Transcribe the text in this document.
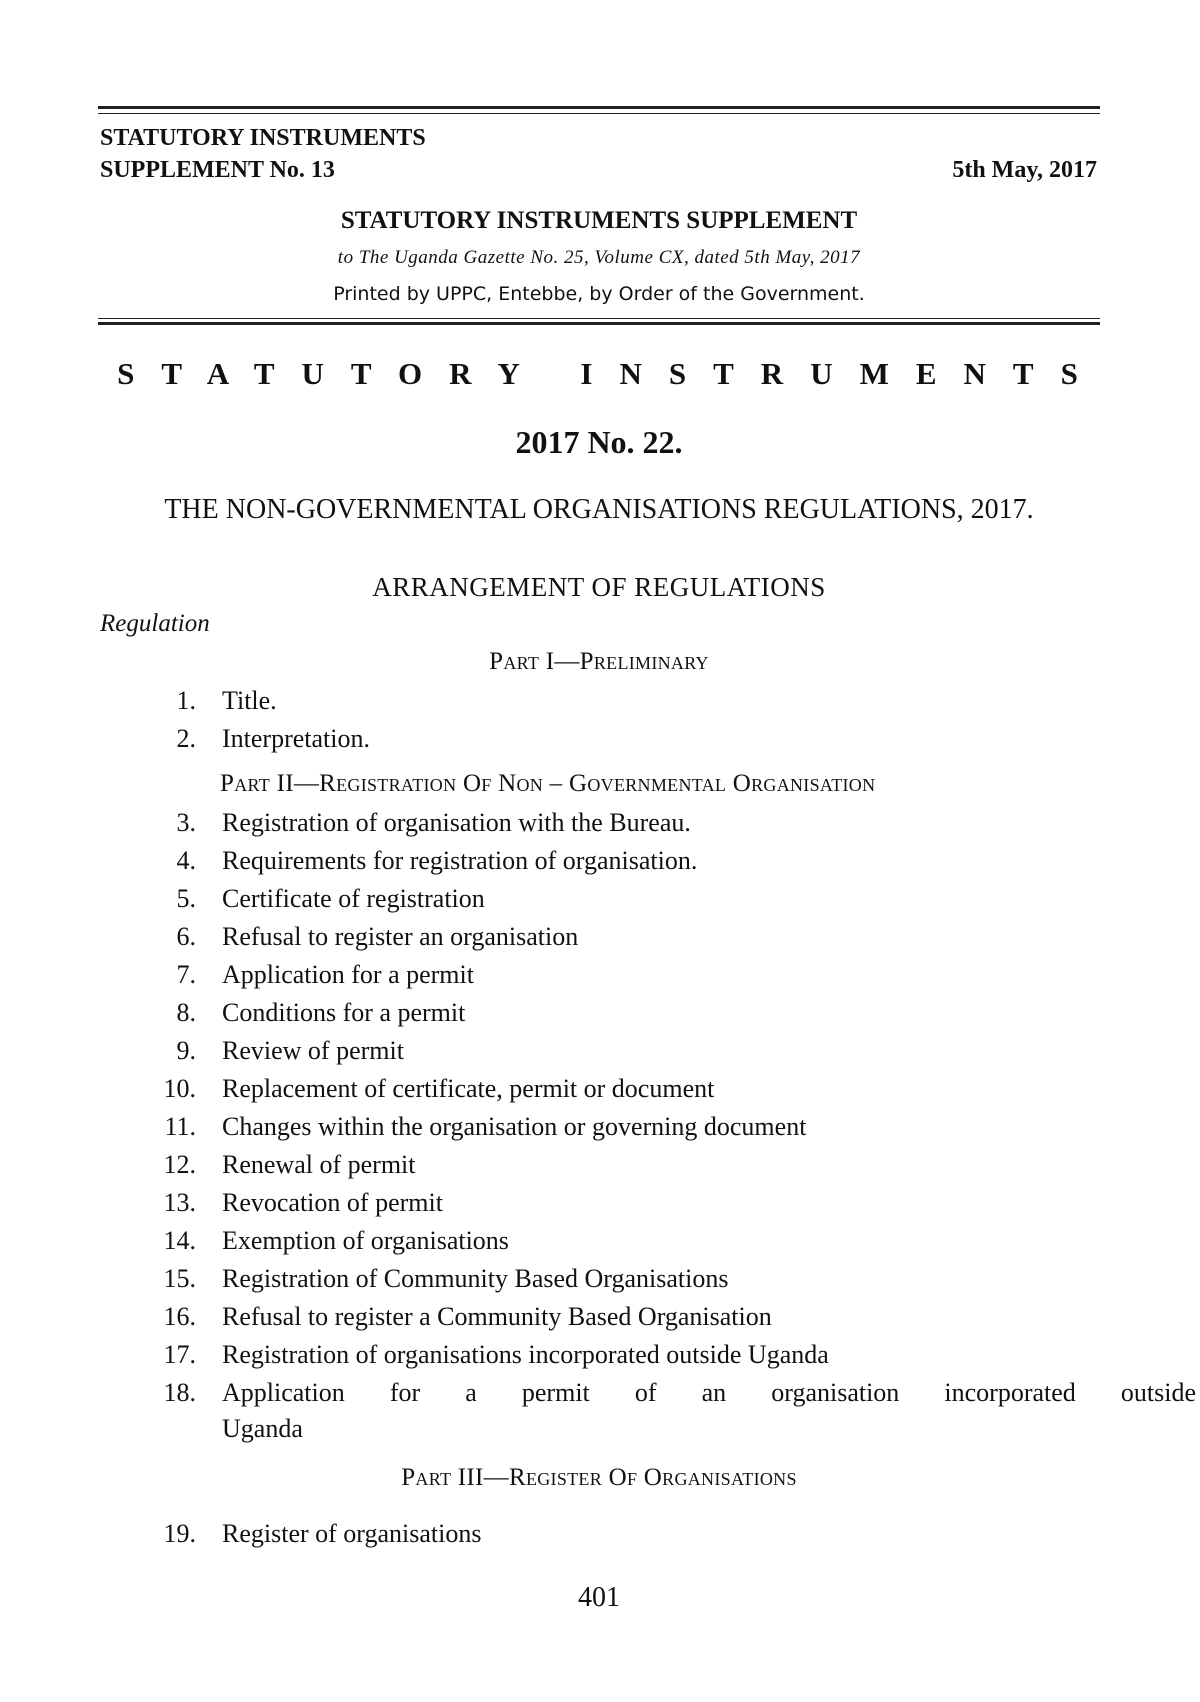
STATUTORY INSTRUMENTS
SUPPLEMENT No. 13	5th May, 2017
STATUTORY INSTRUMENTS SUPPLEMENT
to The Uganda Gazette No. 25, Volume CX, dated 5th May, 2017
Printed by UPPC, Entebbe, by Order of the Government.
STATUTORY INSTRUMENTS
2017 No. 22.
THE NON-GOVERNMENTAL ORGANISATIONS REGULATIONS, 2017.
ARRANGEMENT OF REGULATIONS
Regulation
Part I—Preliminary
1. Title.
2. Interpretation.
Part II—Registration Of Non – Governmental Organisation
3. Registration of organisation with the Bureau.
4. Requirements for registration of organisation.
5. Certificate of registration
6. Refusal to register an organisation
7. Application for a permit
8. Conditions for a permit
9. Review of permit
10. Replacement of certificate, permit or document
11. Changes within the organisation or governing document
12. Renewal of permit
13. Revocation of permit
14. Exemption of organisations
15. Registration of Community Based Organisations
16. Refusal to register a Community Based Organisation
17. Registration of organisations incorporated outside Uganda
18. Application for a permit of an organisation incorporated outside
Uganda
Part III—Register Of Organisations
19. Register of organisations
401
